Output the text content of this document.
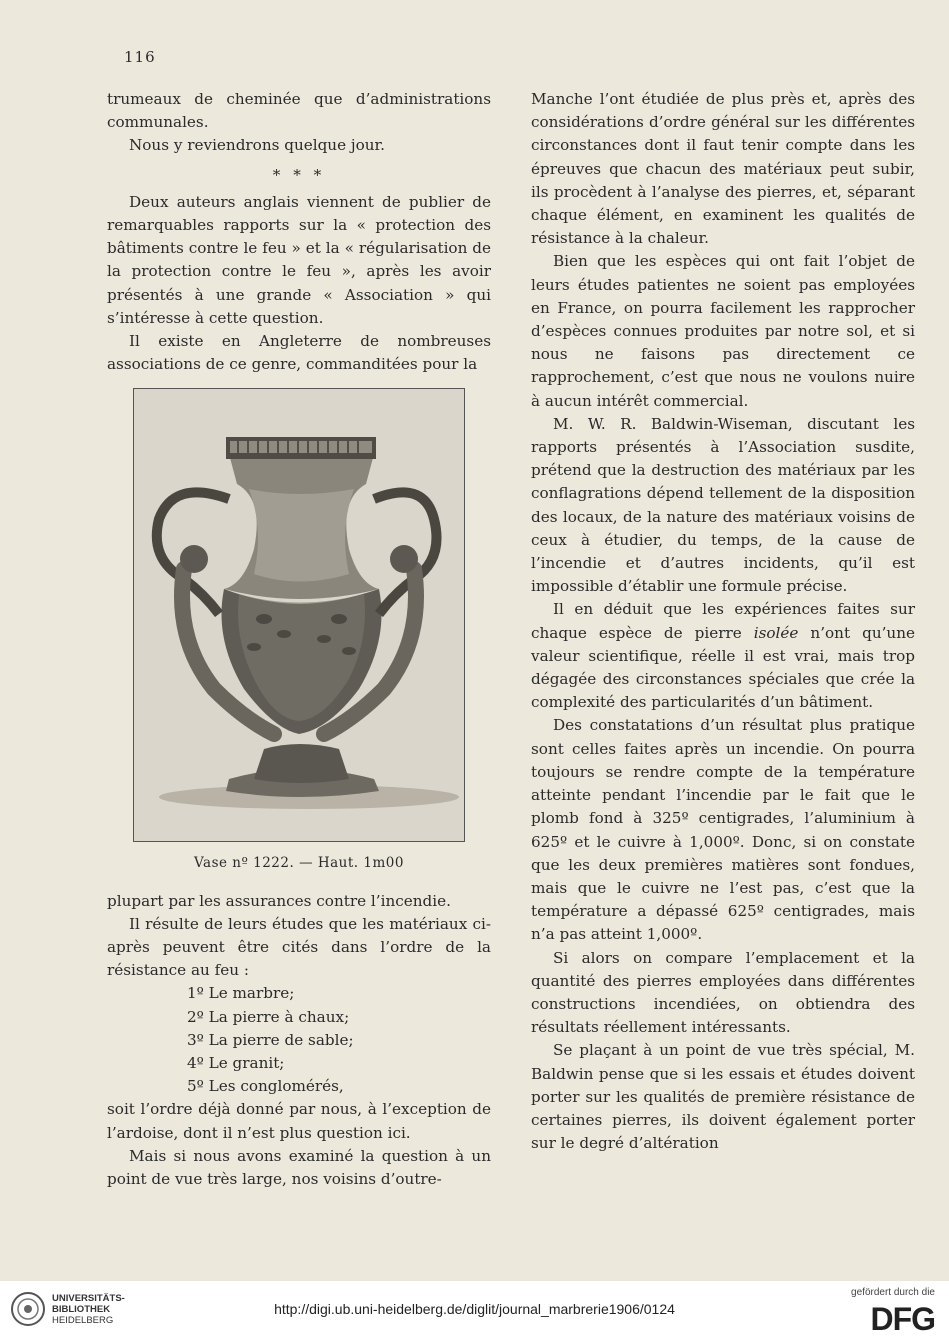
116

trumeaux de cheminée que d’administrations communales.

Nous y reviendrons quelque jour.

* * *

Deux auteurs anglais viennent de publier de remarquables rapports sur la « protection des bâtiments contre le feu » et la « régularisation de la protection contre le feu », après les avoir présentés à une grande « Association » qui s’intéresse à cette question.

Il existe en Angleterre de nombreuses associations de ce genre, commanditées pour la

Vase nº 1222. — Haut. 1m00

plupart par les assurances contre l’incendie.

Il résulte de leurs études que les matériaux ci-après peuvent être cités dans l’ordre de la résistance au feu :

1º Le marbre;

2º La pierre à chaux;

3º La pierre de sable;

4º Le granit;

5º Les conglomérés,

soit l’ordre déjà donné par nous, à l’exception de l’ardoise, dont il n’est plus question ici.

Mais si nous avons examiné la question à un point de vue très large, nos voisins d’outre-

Manche l’ont étudiée de plus près et, après des considérations d’ordre général sur les différentes circonstances dont il faut tenir compte dans les épreuves que chacun des matériaux peut subir, ils procèdent à l’analyse des pierres, et, séparant chaque élément, en examinent les qualités de résistance à la chaleur.

Bien que les espèces qui ont fait l’objet de leurs études patientes ne soient pas employées en France, on pourra facilement les rapprocher d’espèces connues produites par notre sol, et si nous ne faisons pas directement ce rapprochement, c’est que nous ne voulons nuire à aucun intérêt commercial.

M. W. R. Baldwin-Wiseman, discutant les rapports présentés à l’Association susdite, prétend que la destruction des matériaux par les conflagrations dépend tellement de la disposition des locaux, de la nature des matériaux voisins de ceux à étudier, du temps, de la cause de l’incendie et d’autres incidents, qu’il est impossible d’établir une formule précise.

Il en déduit que les expériences faites sur chaque espèce de pierre isolée n’ont qu’une valeur scientifique, réelle il est vrai, mais trop dégagée des circonstances spéciales que crée la complexité des particularités d’un bâtiment.

Des constatations d’un résultat plus pratique sont celles faites après un incendie. On pourra toujours se rendre compte de la température atteinte pendant l’incendie par le fait que le plomb fond à 325º centigrades, l’aluminium à 625º et le cuivre à 1,000º. Donc, si on constate que les deux premières matières sont fondues, mais que le cuivre ne l’est pas, c’est que la température a dépassé 625º centigrades, mais n’a pas atteint 1,000º.

Si alors on compare l’emplacement et la quantité des pierres employées dans différentes constructions incendiées, on obtiendra des résultats réellement intéressants.

Se plaçant à un point de vue très spécial, M. Baldwin pense que si les essais et études doivent porter sur les qualités de première résistance de certaines pierres, ils doivent également porter sur le degré d’altération

UNIVERSITÄTS-
BIBLIOTHEK
HEIDELBERG
http://digi.ub.uni-heidelberg.de/diglit/journal_marbrerie1906/0124
gefördert durch die
DFG
